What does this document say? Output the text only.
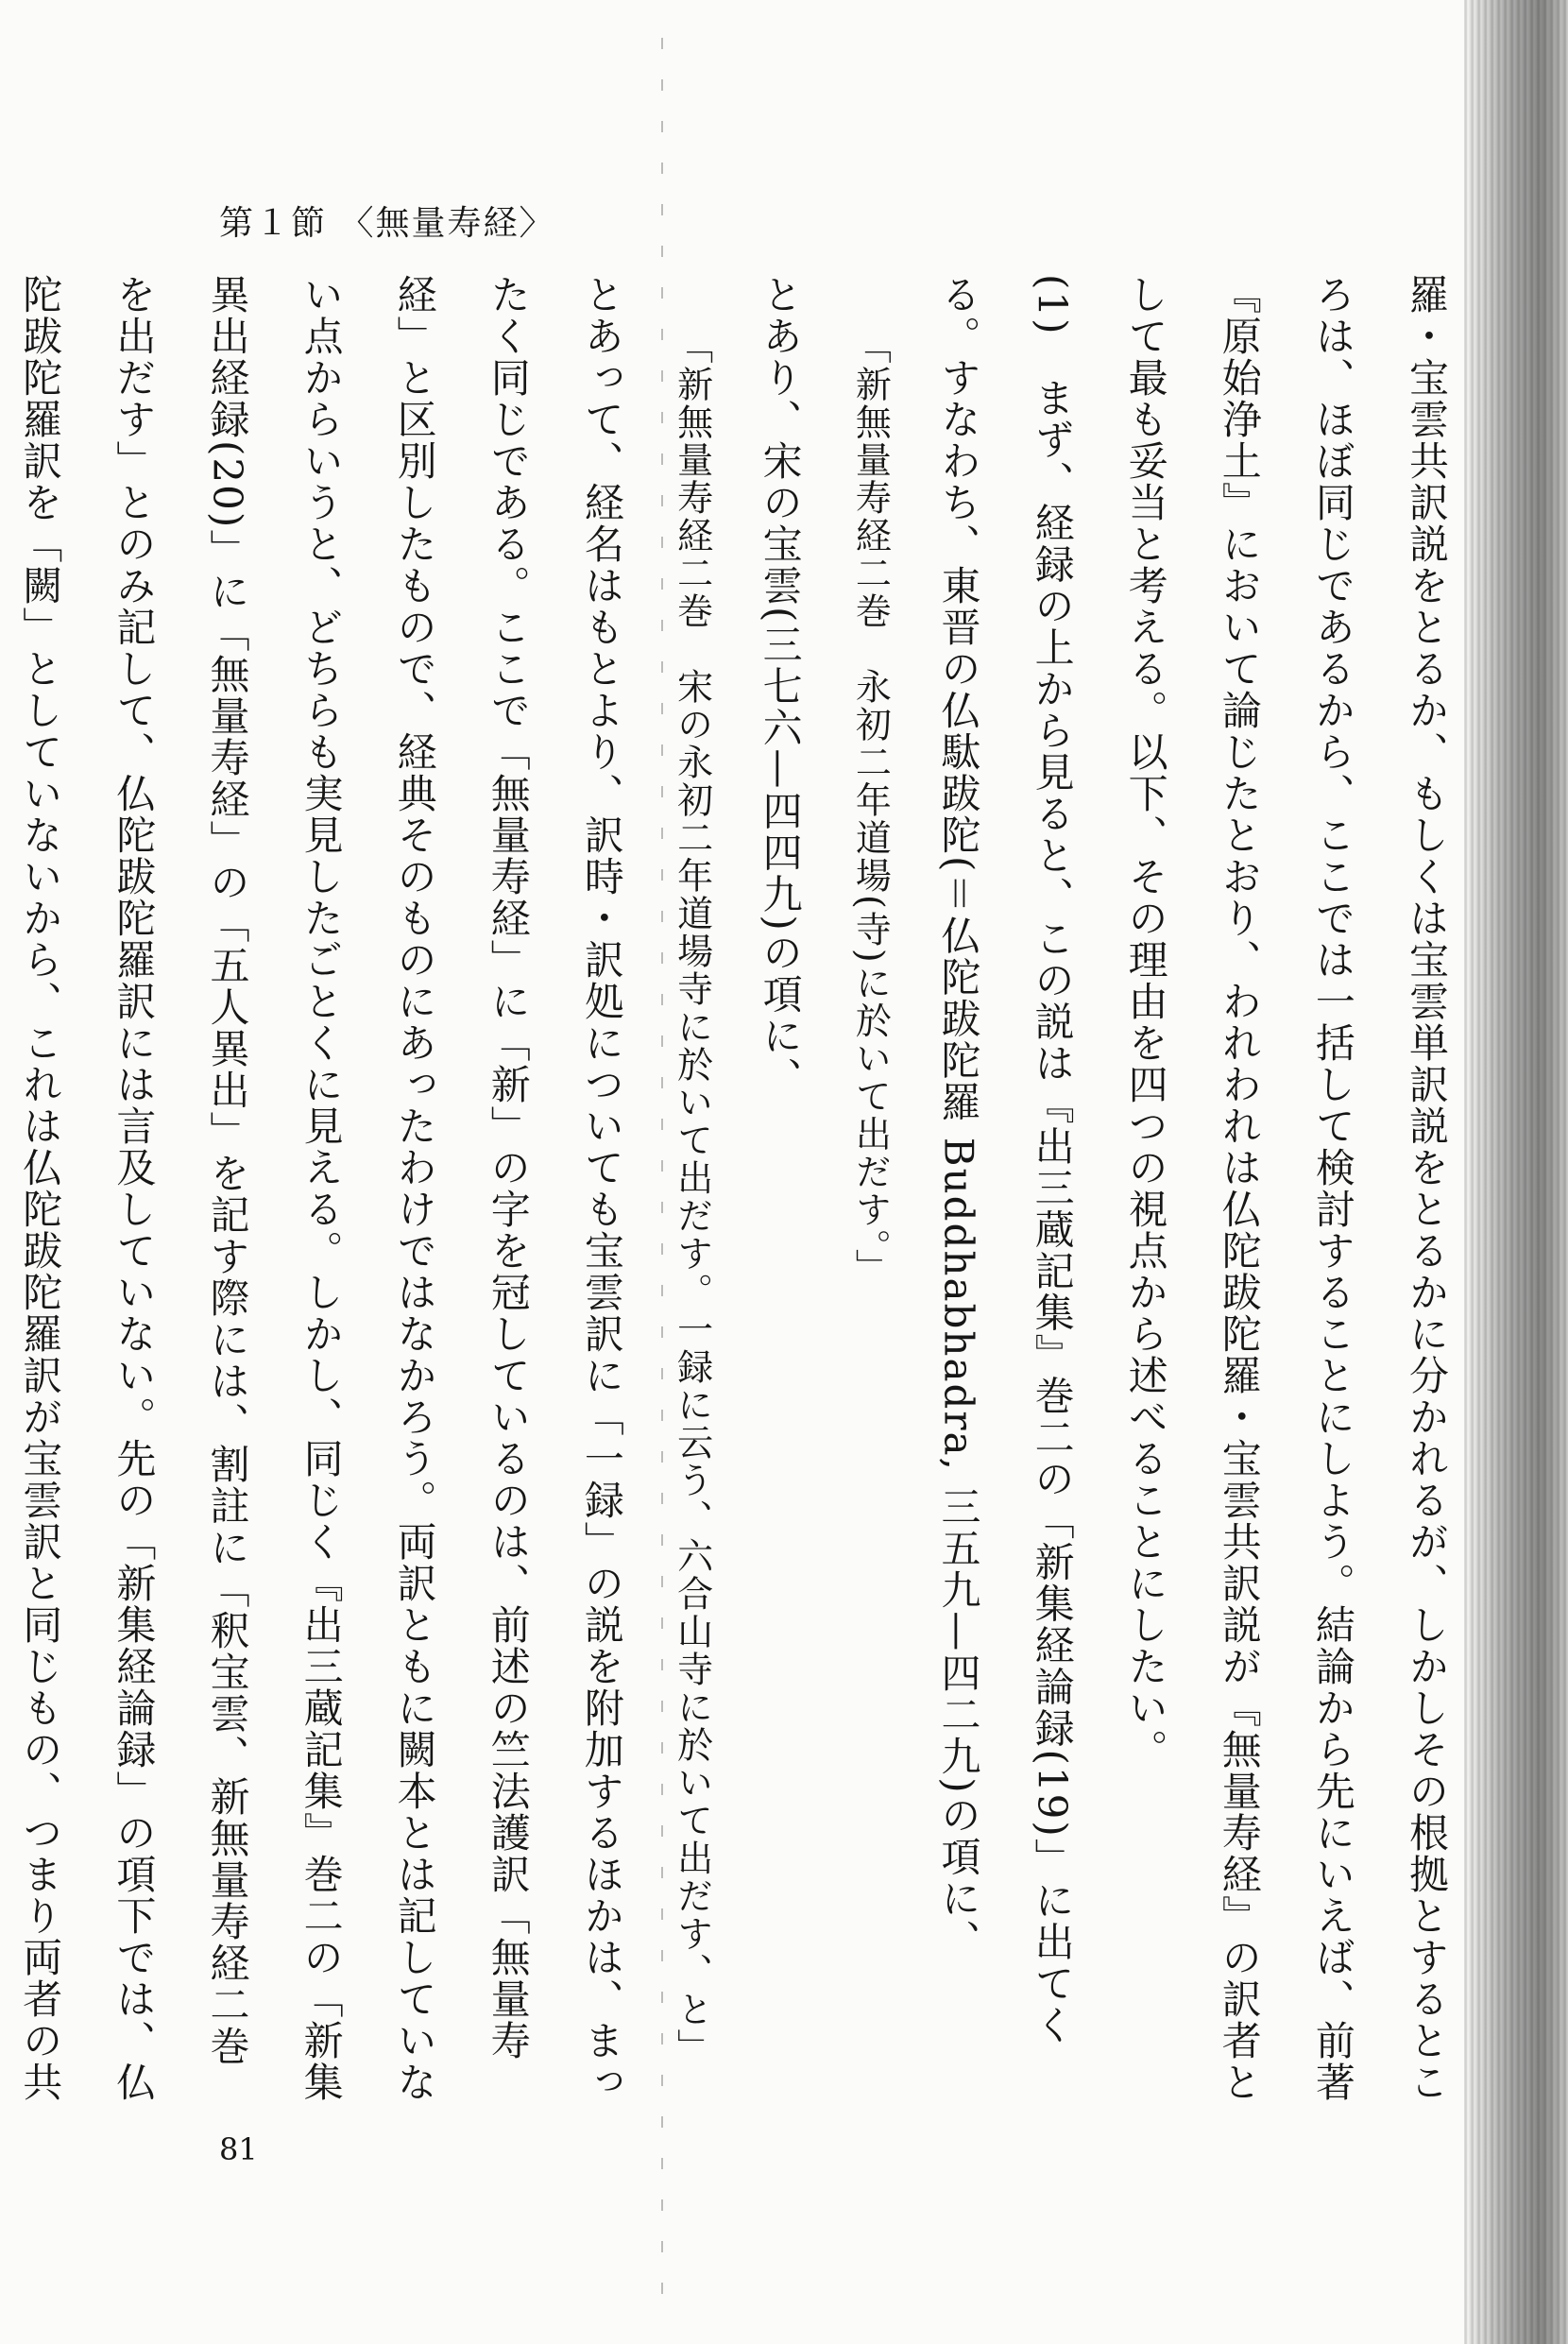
第１節 〈無量寿経〉

羅・宝雲共訳説をとるか、もしくは宝雲単訳説をとるかに分かれるが、しかしその根拠とするところは、ほぼ同じであるから、ここでは一括して検討することにしよう。結論から先にいえば、前著『原始浄土』において論じたとおり、われわれは仏陀跋陀羅・宝雲共訳説が『無量寿経』の訳者として最も妥当と考える。以下、その理由を四つの視点から述べることにしたい。

(1)　まず、経録の上から見ると、この説は『出三蔵記集』巻二の「新集経論録(19)」に出てくる。すなわち、東晋の仏駄跋陀(＝仏陀跋陀羅 Buddhabhadra, 三五九—四二九)の項に、

「新無量寿経二巻　永初二年道場(寺)に於いて出だす。」

とあり、宋の宝雲(三七六—四四九)の項に、

「新無量寿経二巻　宋の永初二年道場寺に於いて出だす。一録に云う、六合山寺に於いて出だす、と」

とあって、経名はもとより、訳時・訳処についても宝雲訳に「一録」の説を附加するほかは、まったく同じである。ここで「無量寿経」に「新」の字を冠しているのは、前述の竺法護訳「無量寿経」と区別したもので、経典そのものにあったわけではなかろう。両訳ともに闕本とは記していない点からいうと、どちらも実見したごとくに見える。しかし、同じく『出三蔵記集』巻二の「新集異出経録(20)」に「無量寿経」の「五人異出」を記す際には、割註に「釈宝雲、新無量寿経二巻を出だす」とのみ記して、仏陀跋陀羅訳には言及していない。先の「新集経論録」の項下では、仏陀跋陀羅訳を「闕」としていないから、これは仏陀跋陀羅訳が宝雲訳と同じもの、つまり両者の共

81
